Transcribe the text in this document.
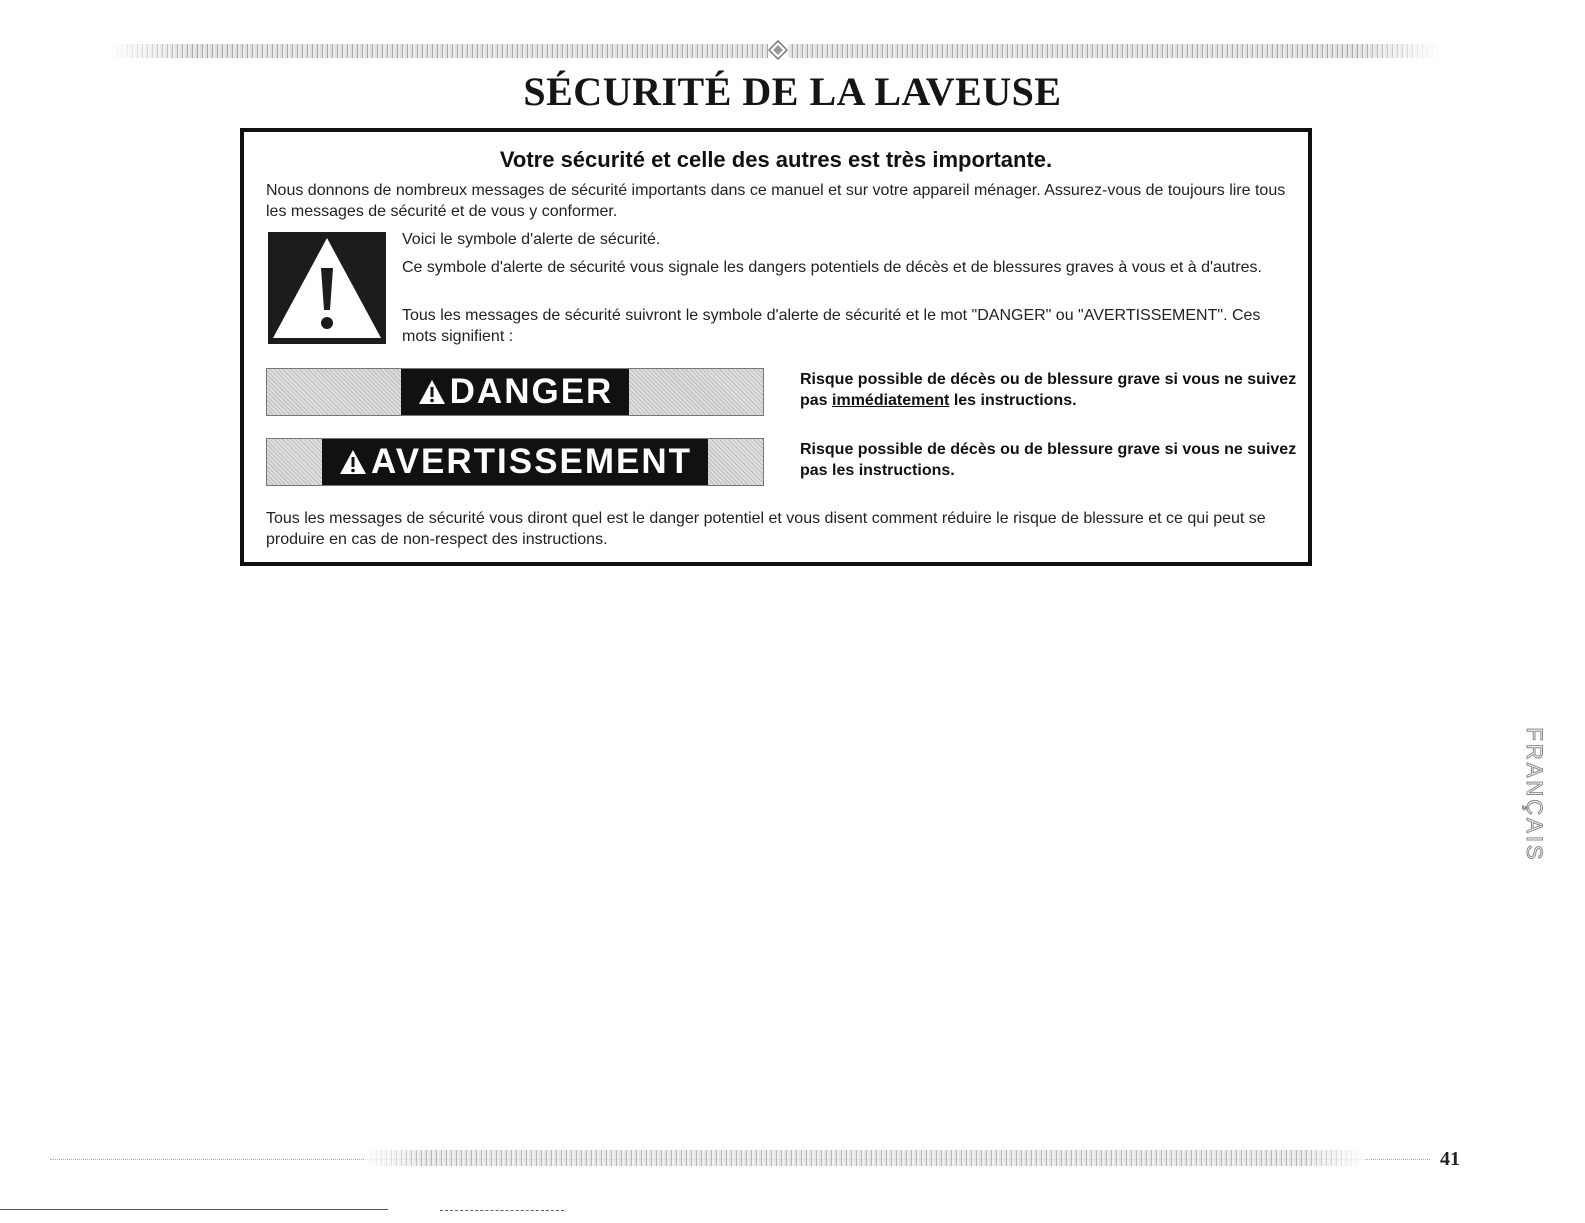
SÉCURITÉ DE LA LAVEUSE
Votre sécurité et celle des autres est très importante.
Nous donnons de nombreux messages de sécurité importants dans ce manuel et sur votre appareil ménager. Assurez-vous de toujours lire tous les messages de sécurité et de vous y conformer.
Voici le symbole d'alerte de sécurité.
Ce symbole d'alerte de sécurité vous signale les dangers potentiels de décès et de blessures graves à vous et à d'autres.
Tous les messages de sécurité suivront le symbole d'alerte de sécurité et le mot "DANGER" ou "AVERTISSEMENT". Ces mots signifient :
DANGER	Risque possible de décès ou de blessure grave si vous ne suivez pas immédiatement les instructions.
AVERTISSEMENT	Risque possible de décès ou de blessure grave si vous ne suivez pas les instructions.
Tous les messages de sécurité vous diront quel est le danger potentiel et vous disent comment réduire le risque de blessure et ce qui peut se produire en cas de non-respect des instructions.
FRANÇAIS
41
